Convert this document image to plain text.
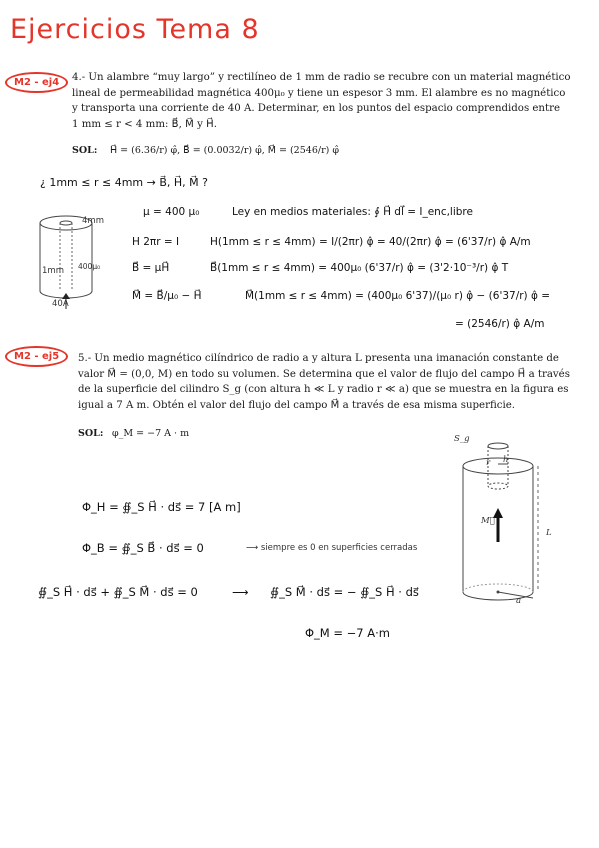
Ejercicios Tema 8
M2 - ej4	4.- Un alambre “muy largo” y rectilíneo de 1 mm de radio se recubre con un material magnético
lineal de permeabilidad magnética 400μ₀ y tiene un espesor 3 mm. El alambre es no magnético
y transporta una corriente de 40 A. Determinar, en los puntos del espacio comprendidos entre
1 mm ≤ r < 4 mm: B⃗, M⃗ y H⃗.
SOL: H⃗ = (6.36/r) φ̂, B⃗ = (0.0032/r) φ̂, M⃗ = (2546/r) φ̂
¿ 1mm ≤ r ≤ 4mm → B⃗, H⃗, M⃗ ?
4mm
1mm 400μ₀
40A
μ = 400 μ₀	Ley en medios materiales: ∮ H⃗ dl⃗ = I_enc,libre
H 2πr = I	H(1mm ≤ r ≤ 4mm) = I/(2πr) φ̂ = 40/(2πr) φ̂ = (6'37/r) φ̂ A/m
B⃗ = μH⃗	B⃗(1mm ≤ r ≤ 4mm) = 400μ₀ (6'37/r) φ̂ = (3'2·10⁻³/r) φ̂ T
M⃗ = B⃗/μ₀ − H⃗	M⃗(1mm ≤ r ≤ 4mm) = (400μ₀ 6'37)/(μ₀ r) φ̂ − (6'37/r) φ̂ =
= (2546/r) φ̂ A/m
M2 - ej5	5.- Un medio magnético cilíndrico de radio a y altura L presenta una imanación constante de
valor M⃗ = (0,0, M) en todo su volumen. Se determina que el valor de flujo del campo H⃗ a través
de la superficie del cilindro S_g (con altura h ≪ L y radio r ≪ a) que se muestra en la figura es
igual a 7 A m. Obtén el valor del flujo del campo M⃗ a través de esa misma superficie.
SOL: φ_M = −7 A · m	S_g
r h
M⃗
L
a
Φ_H = ∯_S H⃗ · ds⃗ = 7 [A m]
Φ_B = ∯_S B⃗ · ds⃗ = 0	⟶ siempre es 0 en superficies cerradas
∯_S H⃗ · ds⃗ + ∯_S M⃗ · ds⃗ = 0	⟶ ∯_S M⃗ · ds⃗ = − ∯_S H⃗ · ds⃗
Φ_M = −7 A·m
